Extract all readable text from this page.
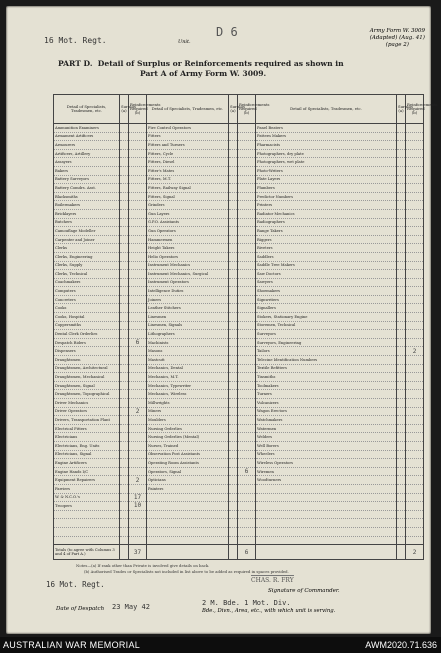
16 Mot. Regt.	Unit.
D 6	Army Form W. 3009
(Adapted) (Aug. 41)
(page 2)
PART D. Detail of Surplus or Reinforcements required as shown in
Part A of Army Form W. 3009.
Detail of Specialists, Tradesmen, etc.	Surplus (a)	Reinforcements Required (b)	Detail of Specialists, Tradesmen, etc.	Surplus (a)	Reinforcements Required (b)	Detail of Specialists, Tradesmen, etc.	Surplus (a)	Reinforcements Required (b)
Ammunition Examiners			Fire Control Operators			Panel Beaters		
Armament Artificers			Fitters			Pattern Makers		
Armourers			Fitters and Turners			Pharmacists		
Artificers, Artillery			Fitters, Cycle			Photographers, dry plate		
Assayers			Fitters, Diesel			Photographers, wet plate		
Bakers			Fitter's Mates			Photo-Writers		
Battery Surveyors			Fitters, M.T.			Plate Layers		
Battery Comdrs. Asst.			Fitters, Railway Signal			Plumbers		
Blacksmiths			Fitters, Signal			Predictor Numbers		
Boilermakers			Grinders			Printers		
Bricklayers			Gun Layers			Radiator Mechanics		
Butchers			G.P.O. Assistants			Radiographers		
Camouflage Modeller			Gun Operators			Range Takers		
Carpenter and Joiner			Hammermen			Riggers		
Clerks			Height Takers			Riveters		
Clerks, Engineering			Helio Operators			Saddlers		
Clerks, Supply			Instrument Mechanics			Saddle Tree Makers		
Clerks, Technical			Instrument Mechanics, Surgical			Saw Doctors		
Coachmakers			Instrument Operators			Sawyers		
Computers			Intelligence Duties			Shoemakers		
Concreters			Joiners			Signwriters		
Cooks			Leather Stitchers			Signallers		
Cooks, Hospital			Linesmen			Stokers, Stationary Engine		
Coppersmiths			Linesmen, Signals			Storemen, Technical		
Dental Clerk Orderlies			Lithographers			Surveyors		
Despatch Riders		6	Machinists			Surveyors, Engineering		
Dispensers			Masons			Tailors		2
Draughtsmen			Mastcutt			Telecine Identification Numbers		
Draughtsmen, Architectural			Mechanics, Dental			Textile Refitters		
Draughtsmen, Mechanical			Mechanics, M.T.			Tinsmiths		
Draughtsmen, Signal			Mechanics, Typewriter			Toolmakers		
Draughtsmen, Topographical			Mechanics, Wireless			Turners		
Driver Mechanics			Millwrights			Vulcanizers		
Driver Operators		2	Miners			Wagon Erectors		
Drivers, Transportation Plant			Moulders			Watchmakers		
Electrical Fitters			Nursing Orderlies			Watermen		
Electricians			Nursing Orderlies (Mental)			Welders		
Electricians, Eng. Units			Nurses, Trained			Well Borers		
Electricians, Signal			Observation Post Assistants			Wheelers		
Engine Artificers			Operating Room Assistants			Wireless Operators		
Engine Hands I/C			Operators, Signal		6	Wiremen		
Equipment Repairers		2	Opticians			Woodturners		
Farriers			Painters					
W. & N.C.O.'s		17						
Troopers		10						

Totals (to agree with Columns 3 and 4 of Part A.)		37			6			2
Notes—(a) If rank other than Private is involved give details on back.
(b) Authorised Trades or Specialists not included in list above to be added as required in spaces provided.
16 Mot. Regt.	CHAS. R. FRY
Signature of Commander.
2 M. Bde. 1 Mot. Div.
Date of Despatch 23 May 42	Bde., Divn., Area, etc., with which unit is serving.
AUSTRALIAN WAR MEMORIAL	AWM2020.71.636
